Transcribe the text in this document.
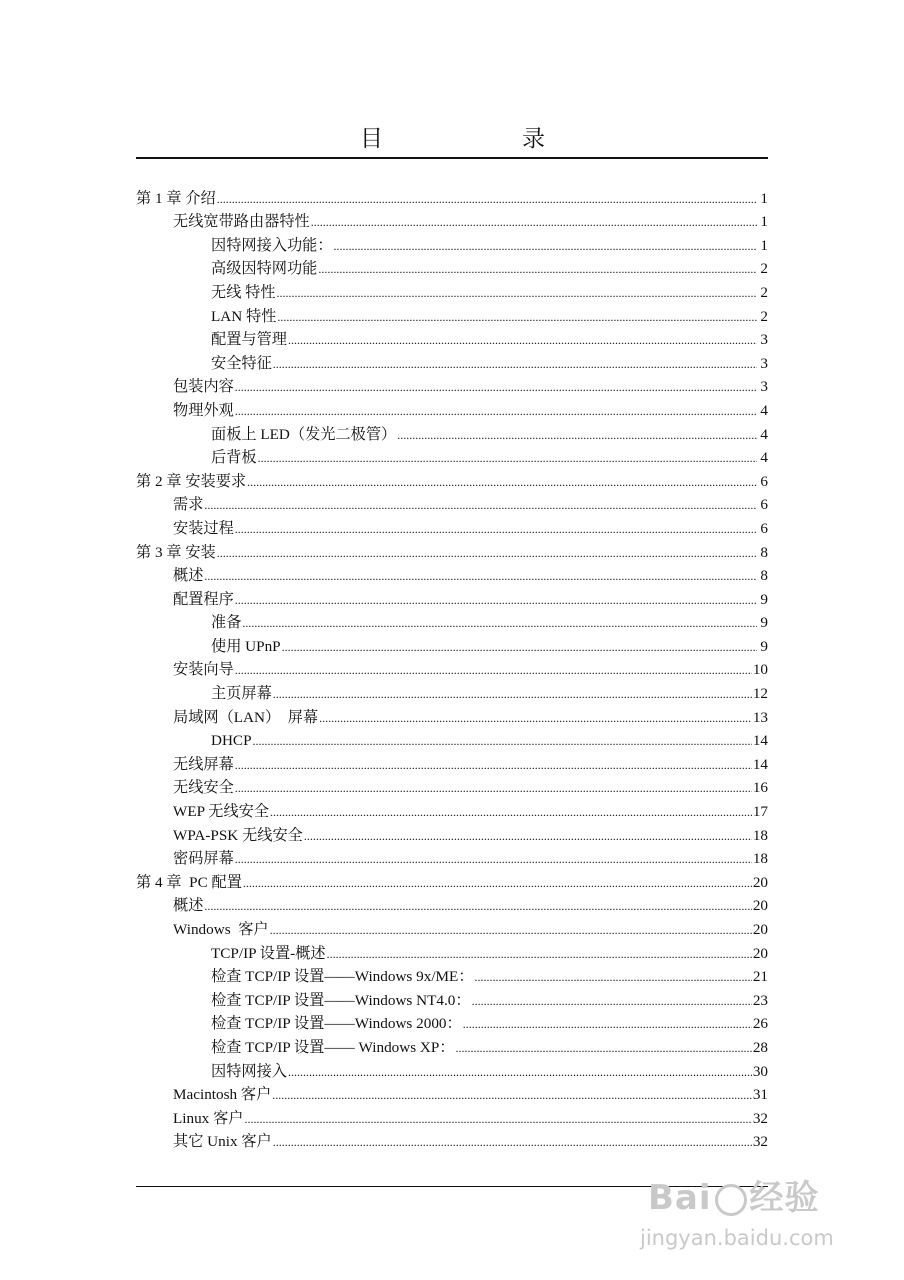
目	录
第 1 章 介绍 .....	1
无线宽带路由器特性 .....	1
因特网接入功能： .....	1
高级因特网功能 .....	2
无线 特性 .....	2
LAN 特性 .....	2
配置与管理 .....	3
安全特征 .....	3
包装内容 .....	3
物理外观 .....	4
面板上 LED（发光二极管） .....	4
后背板 .....	4
第 2 章 安装要求 .....	6
需求 .....	6
安装过程 .....	6
第 3 章 安装 .....	8
概述 .....	8
配置程序 .....	9
准备 .....	9
使用 UPnP .....	9
安装向导 .....	10
主页屏幕 .....	12
局域网（LAN）  屏幕 .....	13
DHCP .....	14
无线屏幕 .....	14
无线安全 .....	16
WEP 无线安全 .....	17
WPA-PSK 无线安全 .....	18
密码屏幕 .....	18
第 4 章  PC 配置 .....	20
概述 .....	20
Windows  客户 .....	20
TCP/IP 设置-概述 .....	20
检查 TCP/IP 设置——Windows 9x/ME： .....	21
检查 TCP/IP 设置——Windows NT4.0： .....	23
检查 TCP/IP 设置——Windows 2000： .....	26
检查 TCP/IP 设置—— Windows XP： .....	28
因特网接入 .....	30
Macintosh 客户 .....	31
Linux 客户 .....	32
其它 Unix 客户 .....	32
Bai 经验
jingyan.baidu.com
